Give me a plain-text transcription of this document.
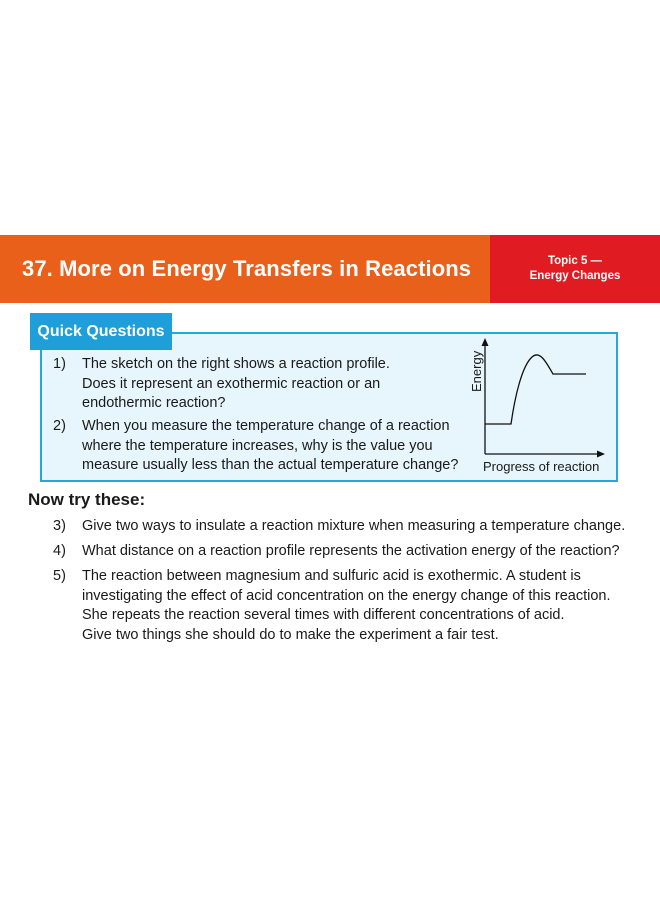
37. More on Energy Transfers in Reactions	Topic 5 —
Energy Changes
Quick Questions
1) The sketch on the right shows a reaction profile.
Does it represent an exothermic reaction or an
endothermic reaction?
2) When you measure the temperature change of a reaction
where the temperature increases, why is the value you
measure usually less than the actual temperature change?
Energy
Progress of reaction
Now try these:
3) Give two ways to insulate a reaction mixture when measuring a temperature change.
4) What distance on a reaction profile represents the activation energy of the reaction?
5) The reaction between magnesium and sulfuric acid is exothermic. A student is
investigating the effect of acid concentration on the energy change of this reaction.
She repeats the reaction several times with different concentrations of acid.
Give two things she should do to make the experiment a fair test.
